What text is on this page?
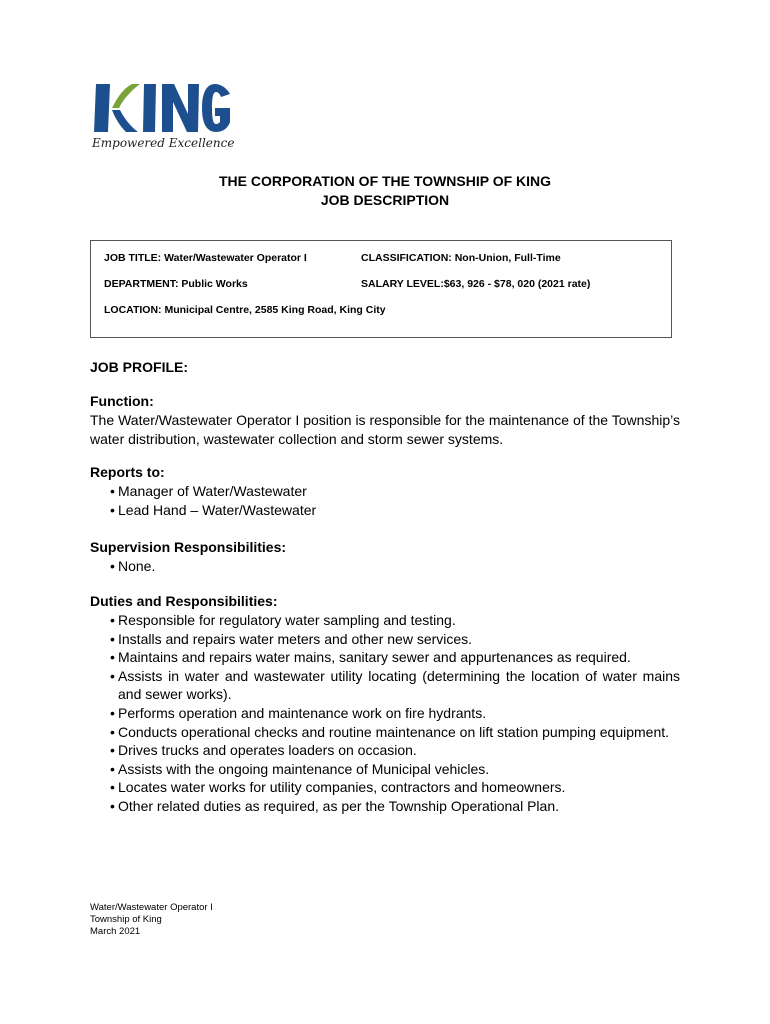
Empowered Excellence
THE CORPORATION OF THE TOWNSHIP OF KING
JOB DESCRIPTION
JOB TITLE: Water/Wastewater Operator I	CLASSIFICATION: Non-Union, Full-Time
DEPARTMENT: Public Works	SALARY LEVEL:$63, 926 - $78, 020 (2021 rate)
LOCATION: Municipal Centre, 2585 King Road, King City
JOB PROFILE:
Function:
The Water/Wastewater Operator I position is responsible for the maintenance of the Township’s water distribution, wastewater collection and storm sewer systems.
Reports to:
• Manager of Water/Wastewater
• Lead Hand – Water/Wastewater
Supervision Responsibilities:
• None.
Duties and Responsibilities:
• Responsible for regulatory water sampling and testing.
• Installs and repairs water meters and other new services.
• Maintains and repairs water mains, sanitary sewer and appurtenances as required.
• Assists in water and wastewater utility locating (determining the location of water mains and sewer works).
• Performs operation and maintenance work on fire hydrants.
• Conducts operational checks and routine maintenance on lift station pumping equipment.
• Drives trucks and operates loaders on occasion.
• Assists with the ongoing maintenance of Municipal vehicles.
• Locates water works for utility companies, contractors and homeowners.
• Other related duties as required, as per the Township Operational Plan.
Water/Wastewater Operator I
Township of King
March 2021
